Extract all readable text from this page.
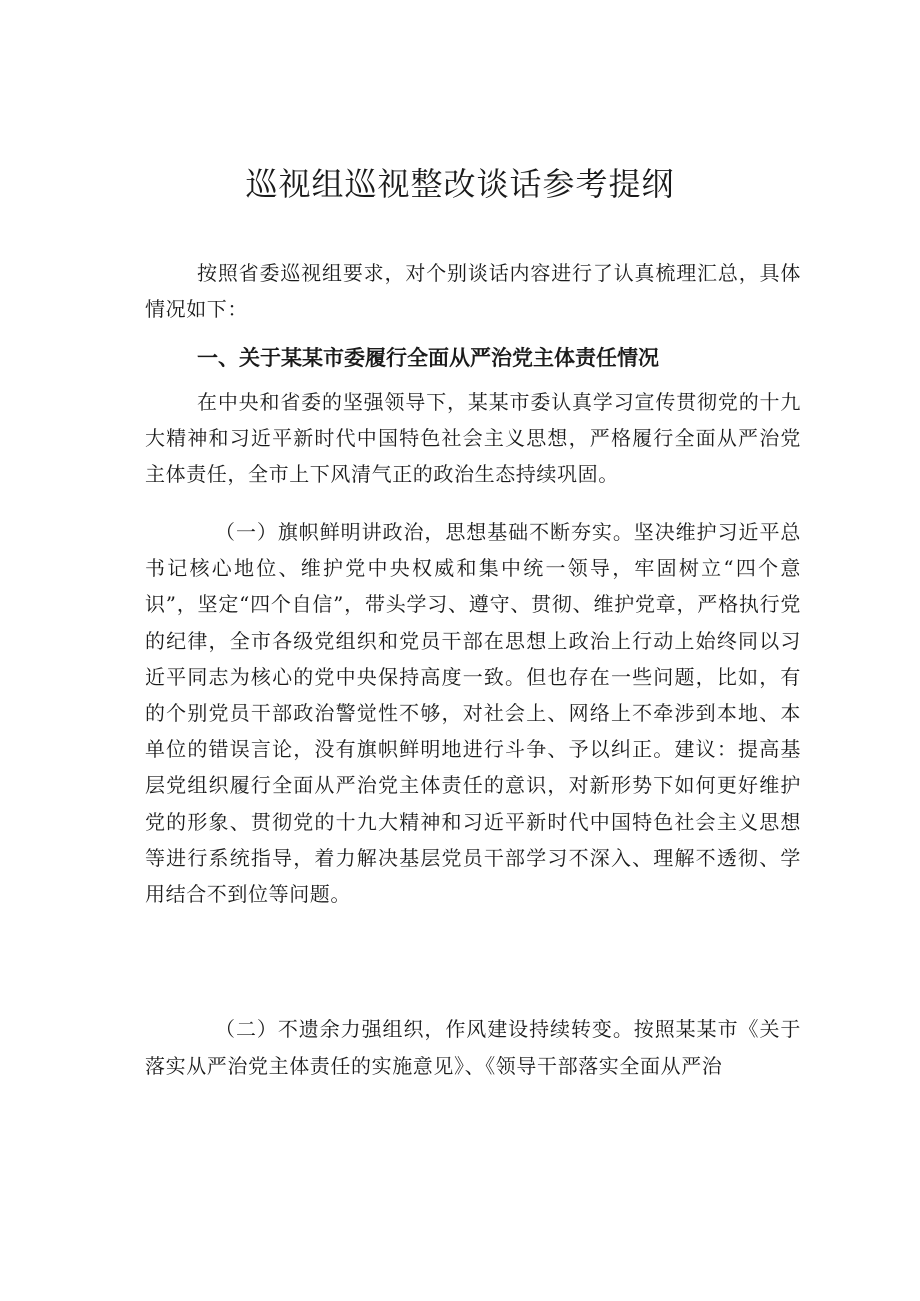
巡视组巡视整改谈话参考提纲

按照省委巡视组要求，对个别谈话内容进行了认真梳理汇总，具体情况如下：

一、关于某某市委履行全面从严治党主体责任情况

在中央和省委的坚强领导下，某某市委认真学习宣传贯彻党的十九大精神和习近平新时代中国特色社会主义思想，严格履行全面从严治党主体责任，全市上下风清气正的政治生态持续巩固。

（一）旗帜鲜明讲政治，思想基础不断夯实。坚决维护习近平总书记核心地位、维护党中央权威和集中统一领导，牢固树立“四个意识”，坚定“四个自信”，带头学习、遵守、贯彻、维护党章，严格执行党的纪律，全市各级党组织和党员干部在思想上政治上行动上始终同以习近平同志为核心的党中央保持高度一致。但也存在一些问题，比如，有的个别党员干部政治警觉性不够，对社会上、网络上不牵涉到本地、本单位的错误言论，没有旗帜鲜明地进行斗争、予以纠正。建议：提高基层党组织履行全面从严治党主体责任的意识，对新形势下如何更好维护党的形象、贯彻党的十九大精神和习近平新时代中国特色社会主义思想等进行系统指导，着力解决基层党员干部学习不深入、理解不透彻、学用结合不到位等问题。

（二）不遗余力强组织，作风建设持续转变。按照某某市《关于落实从严治党主体责任的实施意见》、《领导干部落实全面从严治
